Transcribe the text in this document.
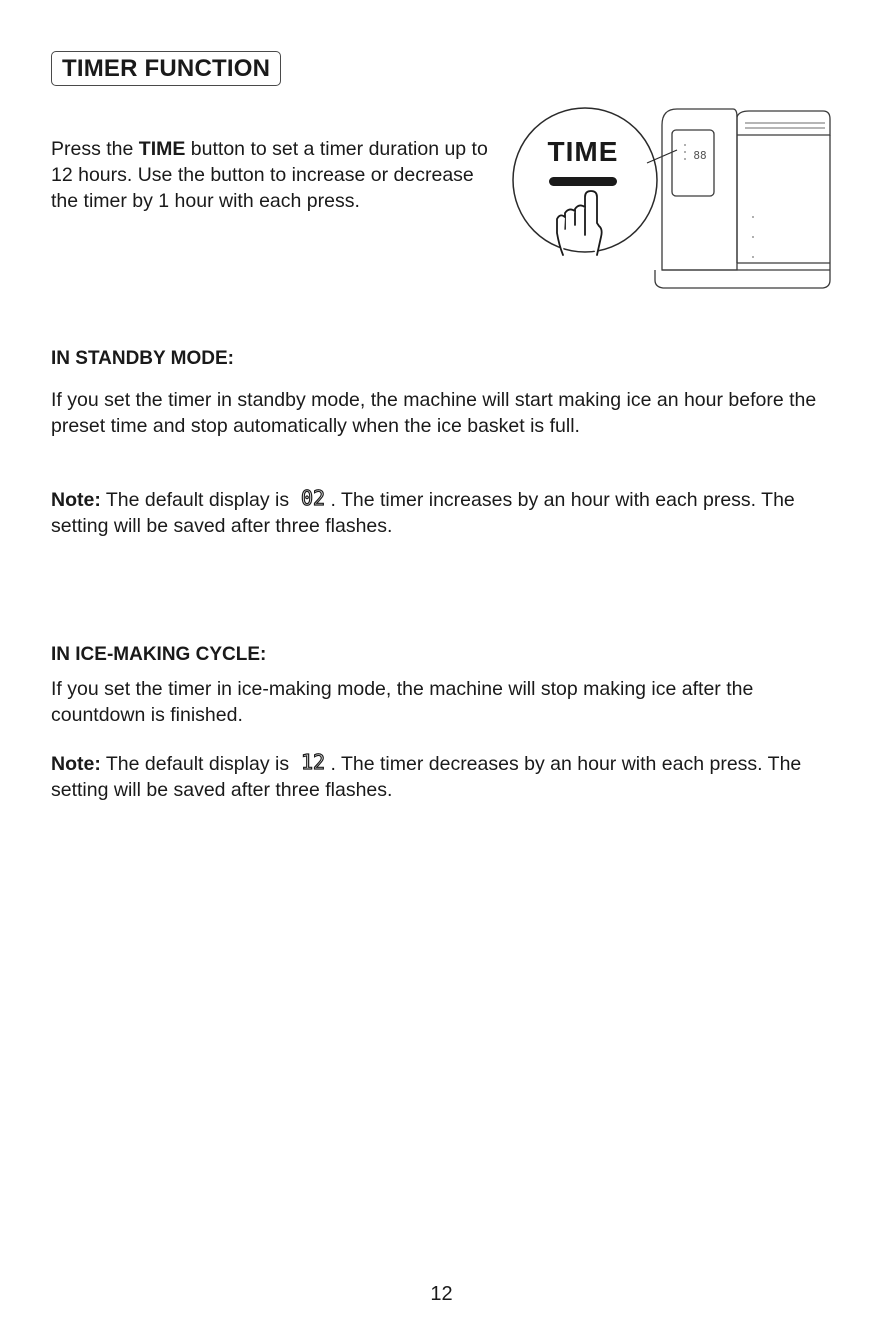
TIMER FUNCTION
Press the TIME button to set a timer duration up to 12 hours. Use the button to increase or decrease the timer by 1 hour with each press.
TIME	88
IN STANDBY MODE:
If you set the timer in standby mode, the machine will start making ice an hour before the preset time and stop automatically when the ice basket is full.
Note: The default display is 02 . The timer increases by an hour with each press. The setting will be saved after three flashes.
IN ICE-MAKING CYCLE:
If you set the timer in ice-making mode, the machine will stop making ice after the countdown is finished.
Note: The default display is 12 . The timer decreases by an hour with each press. The setting will be saved after three flashes.
12
